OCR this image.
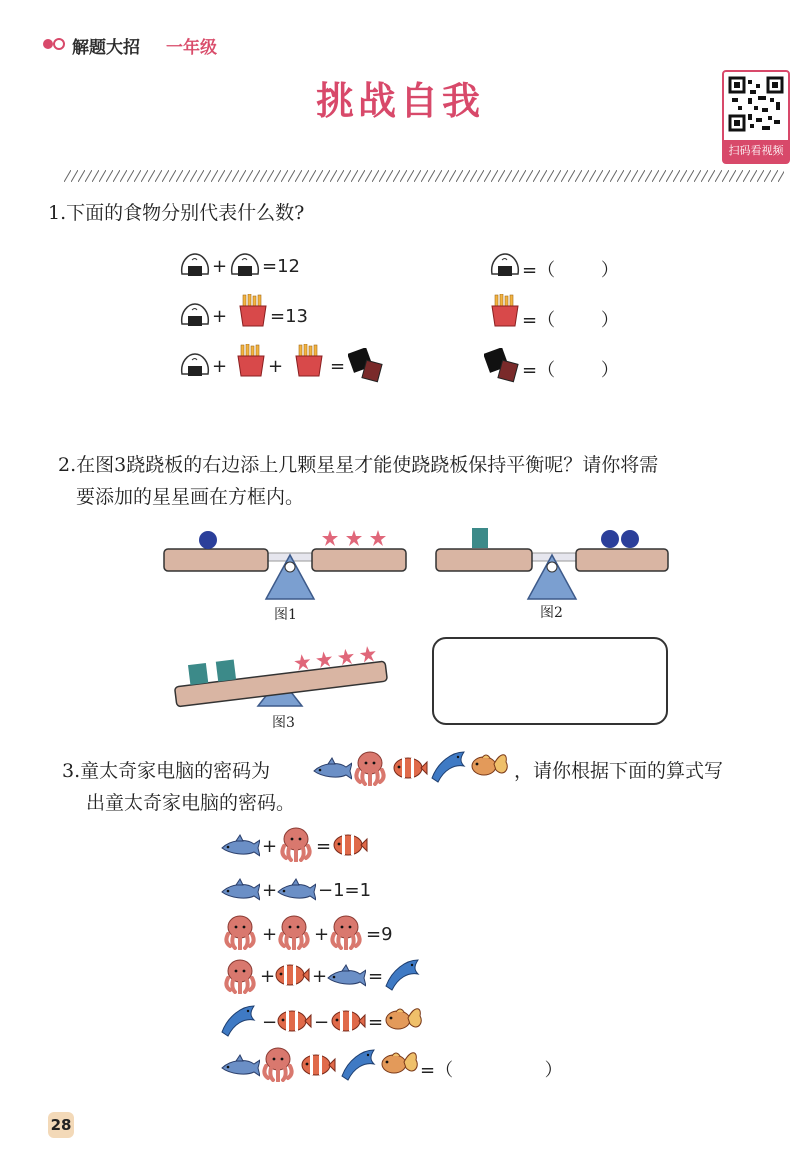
解题大招 一年级
挑战自我
扫码看视频
1.下面的食物分别代表什么数?
+ =12	=（        ）
+ =13	=（        ）
+ +	=	=（        ）
2.在图3跷跷板的右边添上几颗星星才能使跷跷板保持平衡呢？请你将需
要添加的星星画在方框内。
图1	图2
图3
3.童太奇家电脑的密码为	，请你根据下面的算式写
出童太奇家电脑的密码。
+ =
+ −1=1
+ + =9
+ + =
− − =
=（                ）
28
